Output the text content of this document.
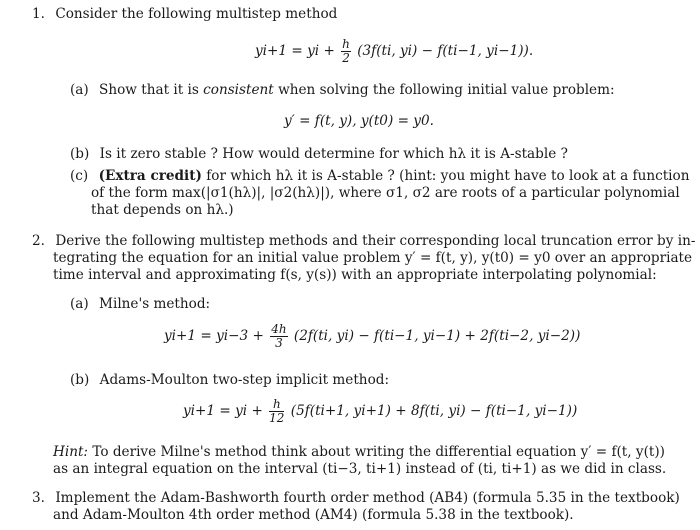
1. Consider the following multistep method
yi+1 = yi + $\frac{h}{2} (3f(ti$, yi) − f(ti−1, yi−1)).
(a) Show that it is consistent when solving the following initial value problem:
y′ = f(t, y), y(t0) = y0.
(b) Is it zero stable ? How would determine for which hλ it is A-stable ?
(c) (Extra credit) for which hλ it is A-stable ? (hint: you might have to look at a function
of the form max(|σ1(hλ)|, |σ2(hλ)|), where σ1, σ2 are roots of a particular polynomial
that depends on hλ.)
2. Derive the following multistep methods and their corresponding local truncation error by in-
tegrating the equation for an initial value problem y′ = f(t, y), y(t0) = y0 over an appropriate
time interval and approximating f(s, y(s)) with an appropriate interpolating polynomial:
(a) Milne's method:
$yi+1 = yi-3 + \frac{4h}{3} (2f(ti$, yi) − f(ti−1, yi−1) + 2f(ti−2, yi−2))
(b) Adams-Moulton two-step implicit method:
yi+1 = yi + $\frac{h}{12} (5f(ti+1$, yi+1) + 8f(ti, yi) − f(ti−1, yi−1))
Hint: To derive Milne's method think about writing the differential equation y′ = f(t, y(t))
as an integral equation on the interval (ti−3, ti+1) instead of (ti, ti+1) as we did in class.
3. Implement the Adam-Bashworth fourth order method (AB4) (formula 5.35 in the textbook)
and Adam-Moulton 4th order method (AM4) (formula 5.38 in the textbook).
